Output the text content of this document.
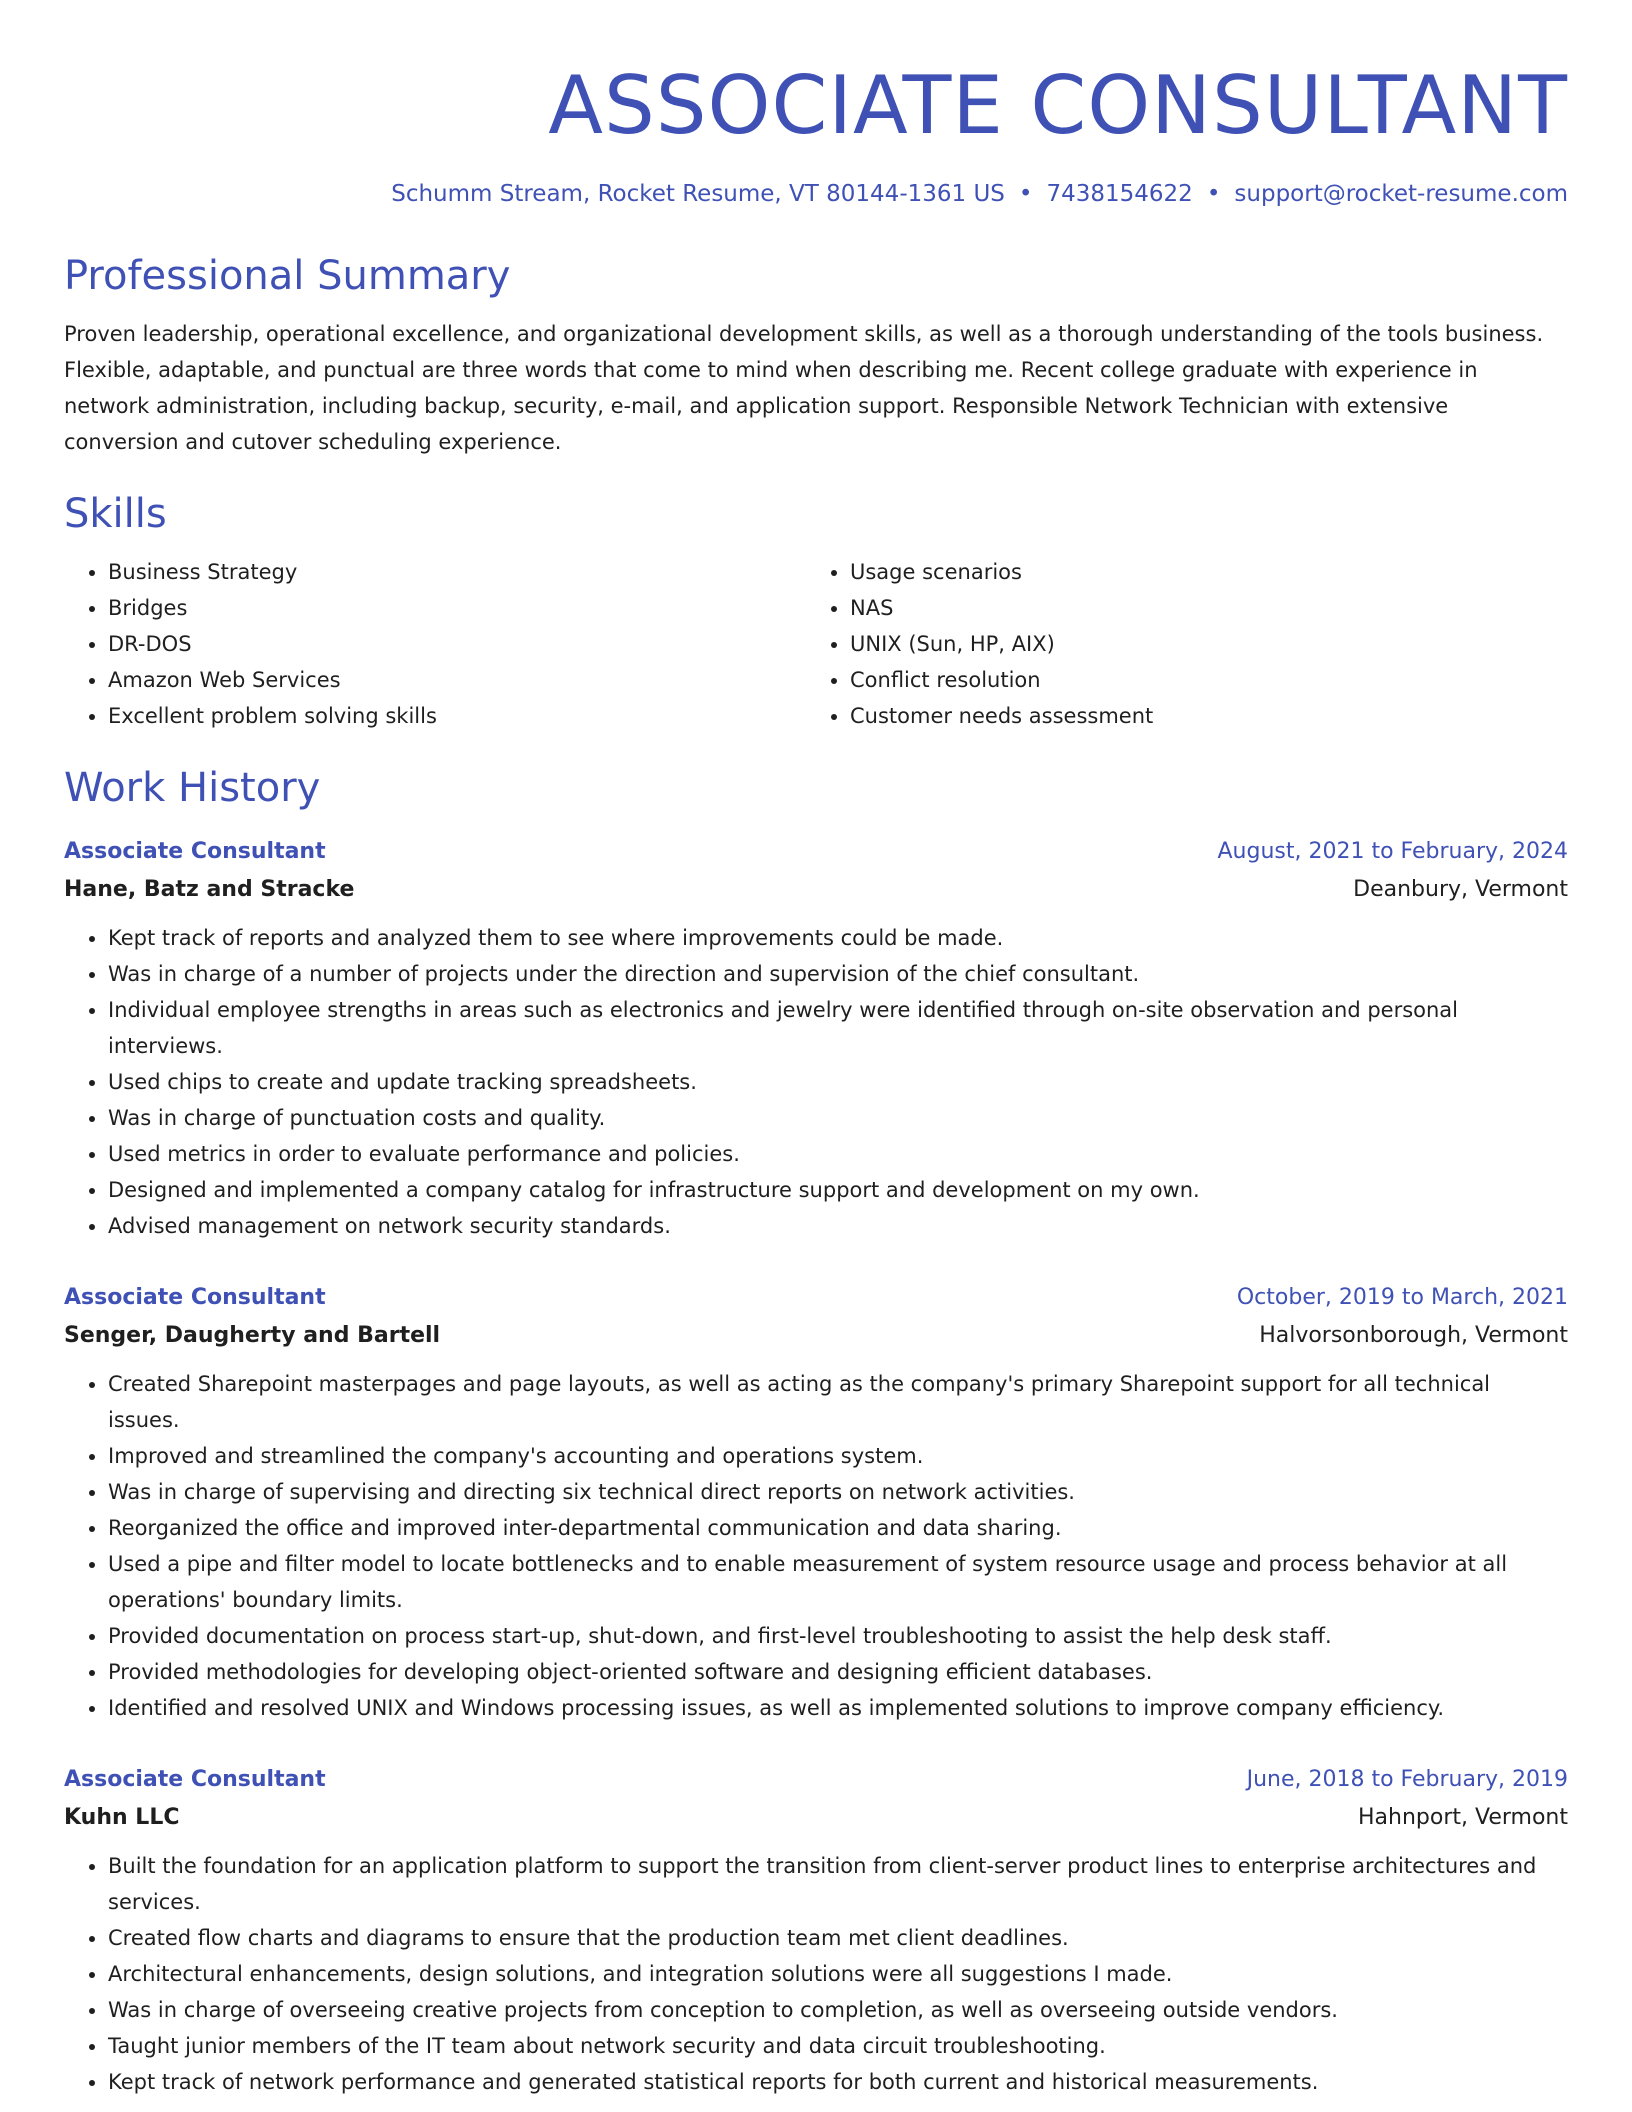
ASSOCIATE CONSULTANT
Schumm Stream, Rocket Resume, VT 80144-1361 US • 7438154622 • support@rocket-resume.com
Professional Summary
Proven leadership, operational excellence, and organizational development skills, as well as a thorough understanding of the tools business. Flexible, adaptable, and punctual are three words that come to mind when describing me. Recent college graduate with experience in network administration, including backup, security, e-mail, and application support. Responsible Network Technician with extensive conversion and cutover scheduling experience.
Skills
• Business Strategy
• Bridges
• DR-DOS
• Amazon Web Services
• Excellent problem solving skills
• Usage scenarios
• NAS
• UNIX (Sun, HP, AIX)
• Conflict resolution
• Customer needs assessment
Work History
Associate Consultant	August, 2021 to February, 2024
Hane, Batz and Stracke	Deanbury, Vermont
• Kept track of reports and analyzed them to see where improvements could be made.
• Was in charge of a number of projects under the direction and supervision of the chief consultant.
• Individual employee strengths in areas such as electronics and jewelry were identified through on-site observation and personal interviews.
• Used chips to create and update tracking spreadsheets.
• Was in charge of punctuation costs and quality.
• Used metrics in order to evaluate performance and policies.
• Designed and implemented a company catalog for infrastructure support and development on my own.
• Advised management on network security standards.
Associate Consultant	October, 2019 to March, 2021
Senger, Daugherty and Bartell	Halvorsonborough, Vermont
• Created Sharepoint masterpages and page layouts, as well as acting as the company's primary Sharepoint support for all technical issues.
• Improved and streamlined the company's accounting and operations system.
• Was in charge of supervising and directing six technical direct reports on network activities.
• Reorganized the office and improved inter-departmental communication and data sharing.
• Used a pipe and filter model to locate bottlenecks and to enable measurement of system resource usage and process behavior at all operations' boundary limits.
• Provided documentation on process start-up, shut-down, and first-level troubleshooting to assist the help desk staff.
• Provided methodologies for developing object-oriented software and designing efficient databases.
• Identified and resolved UNIX and Windows processing issues, as well as implemented solutions to improve company efficiency.
Associate Consultant	June, 2018 to February, 2019
Kuhn LLC	Hahnport, Vermont
• Built the foundation for an application platform to support the transition from client-server product lines to enterprise architectures and services.
• Created flow charts and diagrams to ensure that the production team met client deadlines.
• Architectural enhancements, design solutions, and integration solutions were all suggestions I made.
• Was in charge of overseeing creative projects from conception to completion, as well as overseeing outside vendors.
• Taught junior members of the IT team about network security and data circuit troubleshooting.
• Kept track of network performance and generated statistical reports for both current and historical measurements.
